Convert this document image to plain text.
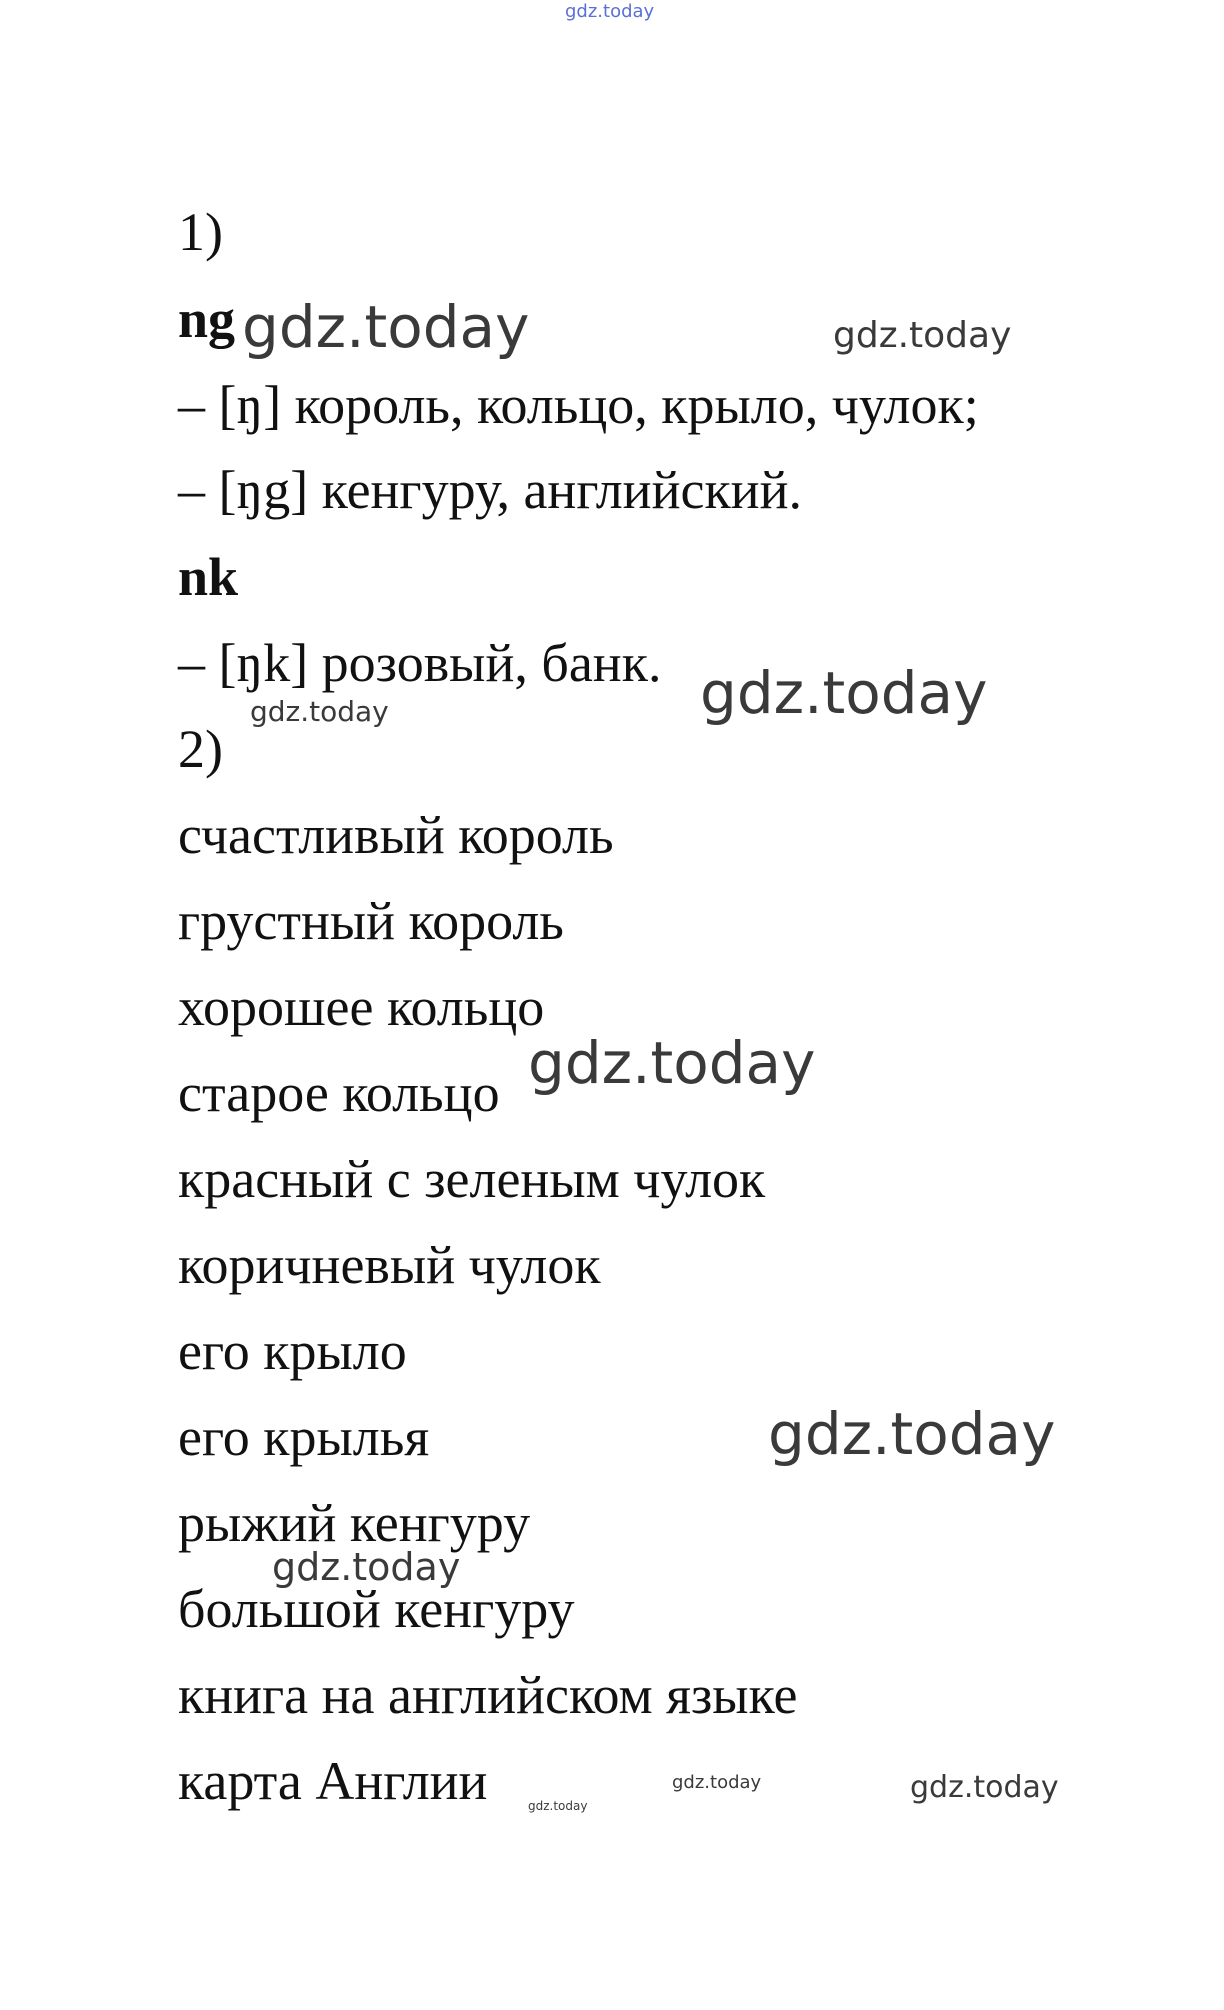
1)
ng
– [ŋ] король, кольцо, крыло, чулок;
– [ŋg] кенгуру, английский.
nk
– [ŋk] розовый, банк.
2)
счастливый король
грустный король
хорошее кольцо
старое кольцо
красный с зеленым чулок
коричневый чулок
его крыло
его крылья
рыжий кенгуру
большой кенгуру
книга на английском языке
карта Англии
gdz.today
gdz.today	gdz.today
gdz.today
gdz.today
gdz.today
gdz.today
gdz.today
gdz.today
gdz.today	gdz.today
